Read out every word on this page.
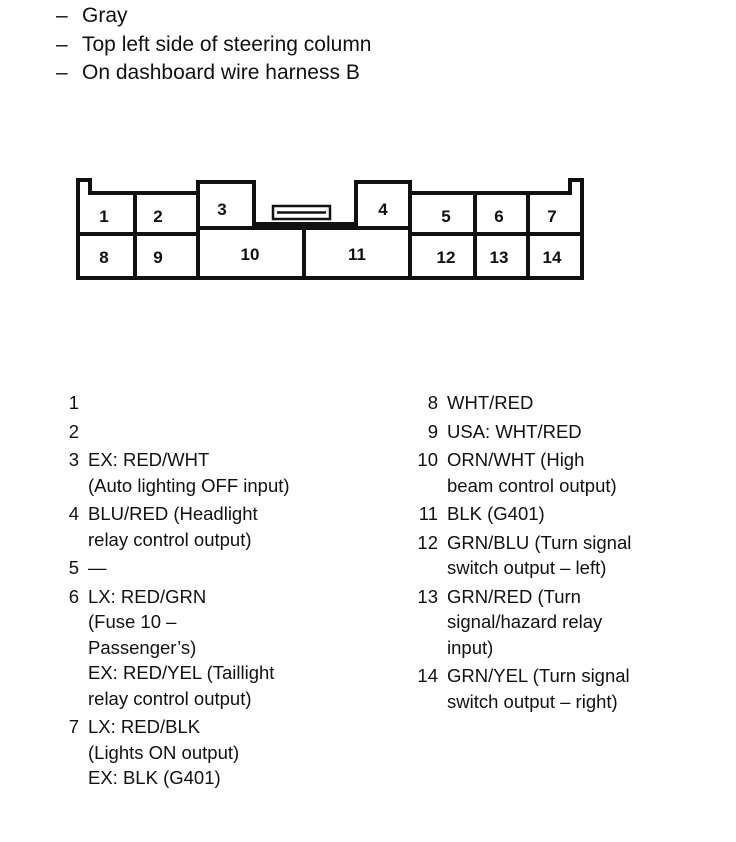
– Gray
– Top left side of steering column
– On dashboard wire harness B
1	2	3	4	5	6	7
8	9	10	11	12 13 14
1
2
3 EX: RED/WHT
(Auto lighting OFF input)
4 BLU/RED (Headlight
relay control output)
5 —
6 LX: RED/GRN
(Fuse 10 –
Passenger’s)
EX: RED/YEL (Taillight
relay control output)
7 LX: RED/BLK
(Lights ON output)
EX: BLK (G401)
8 WHT/RED
9 USA: WHT/RED
10 ORN/WHT (High
beam control output)
11 BLK (G401)
12 GRN/BLU (Turn signal
switch output – left)
13 GRN/RED (Turn
signal/hazard relay
input)
14 GRN/YEL (Turn signal
switch output – right)
